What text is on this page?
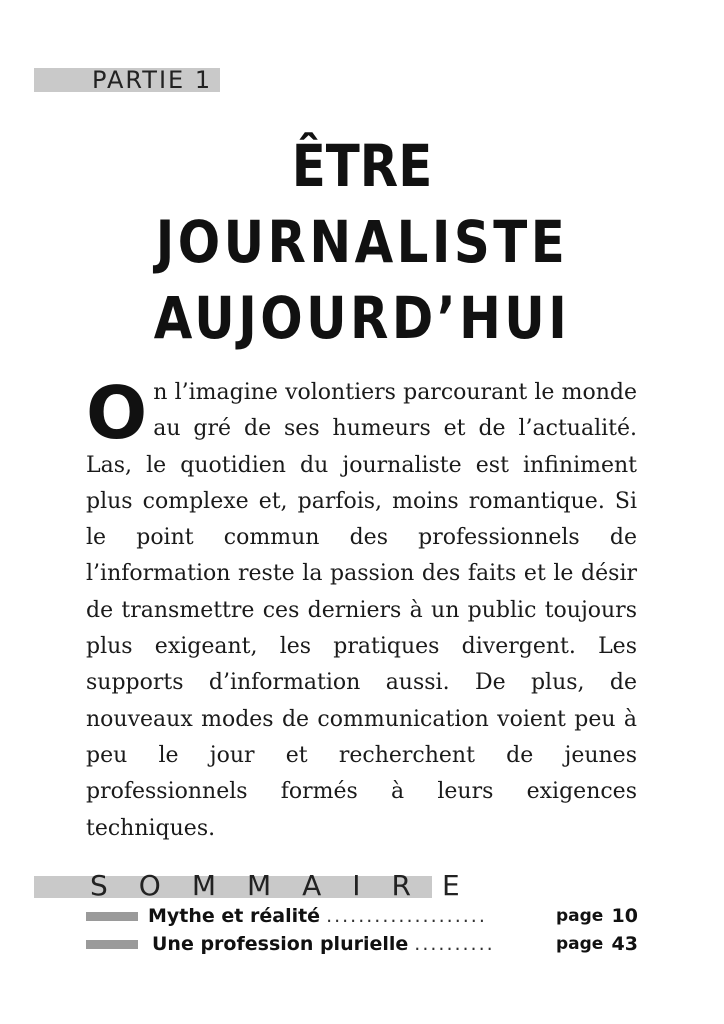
PARTIE 1
ÊTRE
JOURNALISTE
AUJOURD’HUI
O n l’imagine volontiers parcourant le monde au gré de ses humeurs et de l’actualité. Las, le quotidien du journaliste est infiniment plus complexe et, parfois, moins romantique. Si le point commun des professionnels de l’information reste la passion des faits et le désir de transmettre ces derniers à un public toujours plus exigeant, les pratiques divergent. Les supports d’information aussi. De plus, de nouveaux modes de communication voient peu à peu le jour et recherchent de jeunes professionnels formés à leurs exigences techniques.

SOMMAIRE
Mythe et réalité ....................	page 10
Une profession plurielle ..........	page 43
